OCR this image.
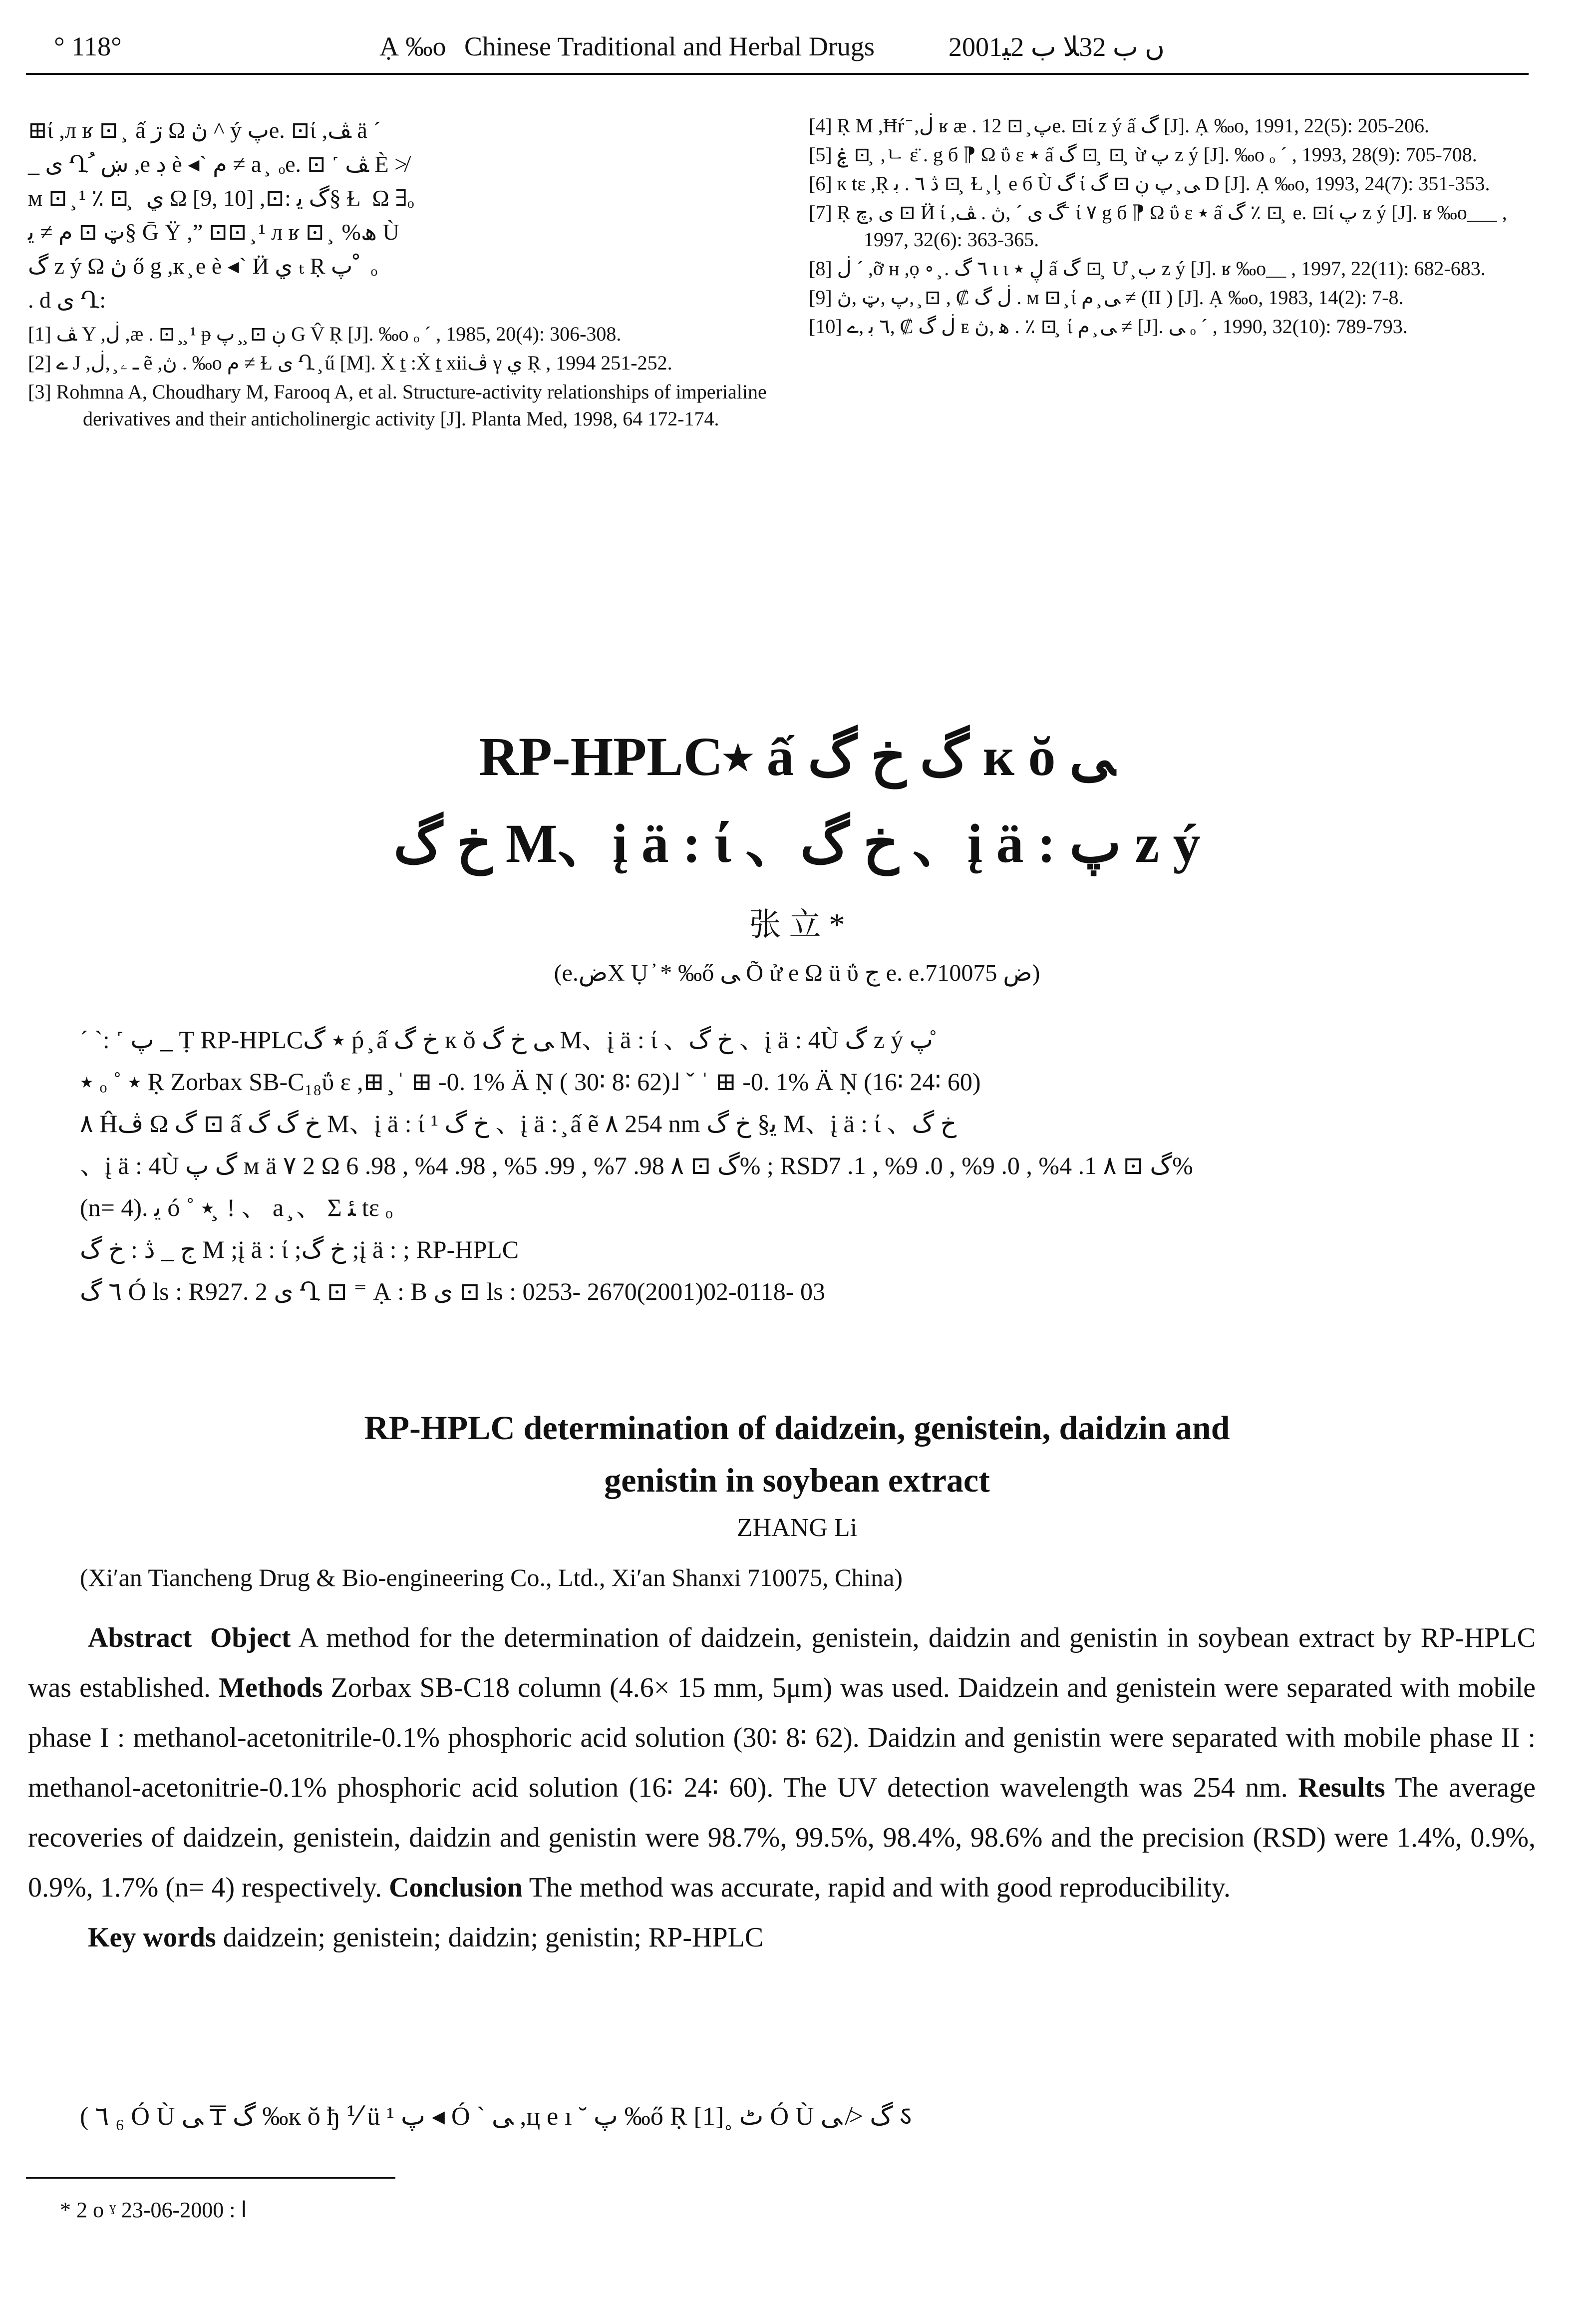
° 118°	Ạ ‰o Chinese Traditional and Herbal Drugs	2001ں ب 32ﻼ ب 2ﯿ

⊞ί ,л ʁ ⊡ ̧  ấ ڗ Ω ڽ ^ ý پe. ⊡ί ,ﭫ ä ´

_ ی Ղ ُ ښ ,e ڊ è ◂` ﻡ ≠ a ̧  ₒe. ⊡ ˹ ﭫ È ≯

м ⊡ ̧ ¹ ٪ ⊡ ̧  ي Ω [9, 10] ,⊡: گ ﯾ§ Ɫ  Ω ∃ₒ

ټ ⊡ ﻡ ≠ ﯾ§ Ḡ Ÿ ,” ⊡⊡ ̧ ¹ л ʁ ⊡ ̧  %ھ Ù

گ z ý Ω ڽ ő g ,к ̧ e è ◂` Ӥ ي ₜ Ṛ پ ْ  ₒ

. d ی Ղ:

[1] ﭫ Y ,ڶ ,æ . ⊡ ̧ ̧ ¹ ᵽ ڹ ⊡ ̧ ̧ پ G V̂ Ṛ [J]. ‰o ₒ ˊ , 1985, 20(4): 306-308.

[2] ے J ,ـ ۦ ̧ ,ڶ ẽ ,ڽ . ‰o ﻡ ≠ Ɫ ی Ղ ̧ ű [M]. Ẋ ṯ :Ẋ ṯ xiiﭪ γ ي Ṛ , 1994 251-252.

[3] Rohmna A, Choudhary M, Farooq A, et al. Structure-activity relationships of imperialine derivatives and their anticholinergic activity [J]. Planta Med, 1998, 64 172-174.

[4] Ṛ M ,Ħŕ ̄ ,ڶ ʁ æ . 12 ⊡ ̧ پe. ⊡ί z ý ấ گ [J]. Ạ ‰o, 1991, 22(5): 205-206.

[5] ۼ ⊡ ̧ ,ㄴ ε̈ . g б ⁋ Ω ΰ ɛ ٭ ấ گ ⊡ ̧ ⊡ ̧ ừ پ z ý [J]. ‰o ₒ ˊ , 1993, 28(9): 705-708.

[6] к tɛ ,Ṛ ڎ ٦ . ﺑ ⊡ ̧ Ɫ ̧ ﺍ ̧ e б Ù گ ί ﯽ ̧ پ ڹ ⊡ گ D [J]. Ạ ‰o, 1993, 24(7): 351-353.

[7] Ṛ ی ,چ ⊡ Ӥ ί ,گ ی ´ ,ڽ . ﭫ ̄ ί ٧ g б ⁋ Ω ΰ ɛ ٭ ấ گ ٪ ⊡ ̧ e. ⊡ί پ z ý [J]. ʁ ‰o___ , 1997, 32(6): 363-365.

[8] ڶ ´ ,ỡ н ,ọ ∘ ̧ . ٦ گ ι ι ڸ ٭ ấ گ ⊡ ̧ Ư ̧ ب z ý [J]. ʁ ‰o__ , 1997, 22(11): 682-683.

[9] ڶ گ ₡ , ⊡ ̧ ,پ ,ټ ,ڽ . м ⊡ ̧ ί ﯽ ̧ ﻡ ≠ (II ) [J]. Ạ ‰o, 1983, 14(2): 7-8.

[10] ڶ گ ₡ ,٦ ﺑ ,ے ᴇ ﻫ ,ڽ . ٪ ⊡ ̧ ί ﯽ ̧ ﻡ ≠ [J]. ﯽ ₒ ˊ , 1990, 32(10): 789-793.

RP-HPLC٭ ấ گ خ گ к ŏ ﯽ
خ گ M、į ä : ί 、خ گ 、į ä : پ z ý
张 立 *
(e.ضX Ụ ̓ * ‰ő ﯽ Õ ử e Ω ü ΰ ﺝ e. e.ض 710075)

ˊ ˋ: ˹ پ _ Ṭ RP-HPLC٭ گ ṕ ̧ ấ خ گ к ŏ ﯽ خ گ M、į ä : ί 、خ گ 、į ä : 4Ù گ z ý پ ̊

٭ ₒ ˚ ٭ Ṛ Zorbax SB-C₁₈ΰ ɛ ,⊞ ̧ ˈ ⊞ -0. 1% Ä Ṇ ( 30∶ 8∶ 62)˩ ˇ ˈ ⊞ -0. 1% Ä Ṇ (16∶ 24∶ 60)

٨ Ĥﭪ Ω گ ⊡ ấ خ گ گ M、į ä : ί ¹ خ گ 、į ä : ̧ ấ ẽ ٨ 254 nm ﯾ§ خ گ M、į ä : ί 、خ گ

、į ä : 4Ù گ پ м ä ٧ 2 Ω گ ⊡ ٨ 98. 7% , 99. 5% , 98. 4% , 98. 6% ; RSDگ ⊡ ٨ 1. 4% , 0. 9% , 0. 9% , 1. 7%

(n= 4). ﯾ ó ˚ ٭ ̧ ! 、 a ̧ 、 Σ ﺌ tɛ ₒ

ﺝ _ ڎ : خ گ M ;į ä : ί ;خ گ ;į ä : ; RP-HPLC

٦ گ Ó ls : R927. 2 ی Ղ ⊡ ⁼ Ạ : B ی ⊡ ls : 0253- 2670(2001)02-0118- 03

RP-HPLC determination of daidzein, genistein, daidzin and
genistin in soybean extract
ZHANG Li
(Xi′an Tiancheng Drug & Bio-engineering Co., Ltd., Xi′an Shanxi 710075, China)

Abstract Object A method for the determination of daidzein, genistein, daidzin and genistin in soybean extract by RP-HPLC was established. Methods Zorbax SB-C18 column (4.6× 15 mm, 5μm) was used. Daidzein and genistein were separated with mobile phase I : methanol-acetonitrile-0.1% phosphoric acid solution (30∶ 8∶ 62). Daidzin and genistin were separated with mobile phase II : methanol-acetonitrie-0.1% phosphoric acid solution (16∶ 24∶ 60). The UV detection wavelength was 254 nm. Results The average recoveries of daidzein, genistein, daidzin and genistin were 98.7%, 99.5%, 98.4%, 98.6% and the precision (RSD) were 1.4%, 0.9%, 0.9%, 1.7% (n= 4) respectively. Conclusion The method was accurate, rapid and with good reproducibility.

Key words daidzein; genistein; daidzin; genistin; RP-HPLC

( ٦ ₆ Ó Ù گ ₸ ﯽ ‰к ŏ ђ ⅟ ü ¹ پ ◂ Ó ˋ ﯽ ,ц e ı ˘ پ ‰ő Ṛ [1]˳ ٹ Ó Ù گ ≯ ﯽ ऽ
* 2 ο ˠ ﺍ : 2000-06-23
